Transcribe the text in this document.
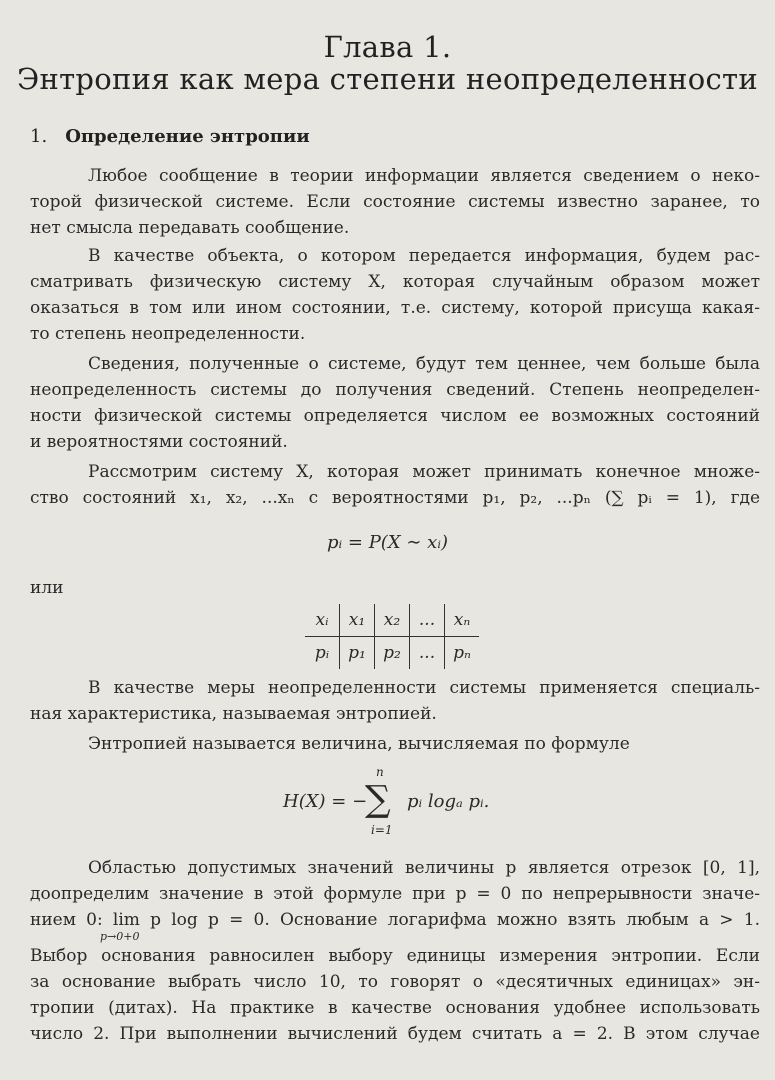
Глава 1.
Энтропия как мера степени неопределенности
1. Определение энтропии
Любое сообщение в теории информации является сведением о неко-
торой физической системе. Если состояние системы известно заранее, то
нет смысла передавать сообщение.
В качестве объекта, о котором передается информация, будем рас-
сматривать физическую систему X, которая случайным образом может
оказаться в том или ином состоянии, т.е. систему, которой присуща какая-
то степень неопределенности.
Сведения, полученные о системе, будут тем ценнее, чем больше была
неопределенность системы до получения сведений. Степень неопределен-
ности физической системы определяется числом ее возможных состояний
и вероятностями состояний.
Рассмотрим систему X, которая может принимать конечное множе-
ство состояний x₁, x₂, ...xₙ с вероятностями p₁, p₂, ...pₙ (∑ pᵢ = 1), где
pᵢ = P(X ∼ xᵢ)
или
xᵢ	x₁	x₂	...	xₙ
pᵢ	p₁	p₂	...	pₙ
В качестве меры неопределенности системы применяется специаль-
ная характеристика, называемая энтропией.
Энтропией называется величина, вычисляемая по формуле
H(X) = −
∑
n
i=1
pᵢ logₐ pᵢ.
Областью допустимых значений величины p является отрезок [0, 1],
доопределим значение в этой формуле при p = 0 по непрерывности значе-
нием 0: lim p log p = 0. Основание логарифма можно взять любым a > 1.
p→0+0
Выбор основания равносилен выбору единицы измерения энтропии. Если
за основание выбрать число 10, то говорят о «десятичных единицах» эн-
тропии (дитах). На практике в качестве основания удобнее использовать
число 2. При выполнении вычислений будем считать a = 2. В этом случае
